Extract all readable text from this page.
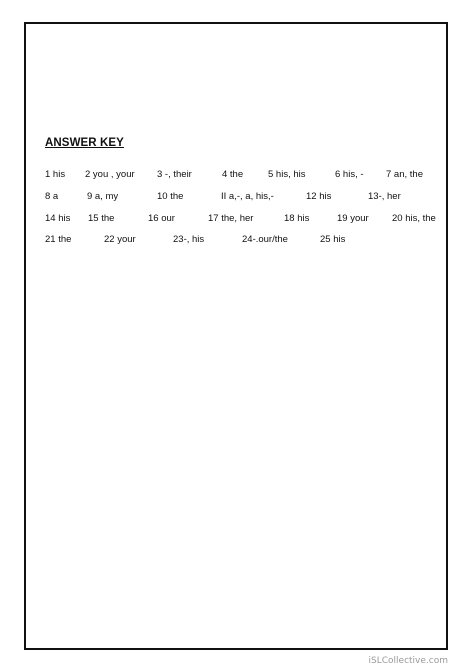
ANSWER KEY
1 his 2 you , your 3 -, their	4 the	5 his, his	6 his, - 7 an, the
8 a	9 a, my	10 the	II a,-, a, his,-	12 his	13-, her
14 his 15 the	16 our	17 the, her	18 his	19 your 20 his, the
21 the	22 your	23-, his	24-.our/the	25 his
iSLCollective.com
